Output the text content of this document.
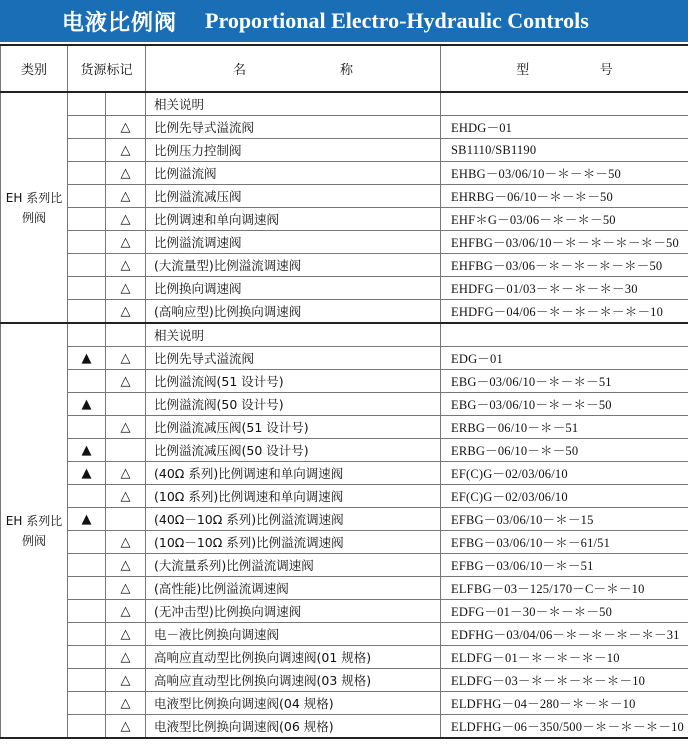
电液比例阀 Proportional Electro-Hydraulic Controls
类别	货源标记		名 称	型 号

EH 系列比例阀			相关说明	
		△	比例先导式溢流阀	EHDG－01
		△	比例压力控制阀	SB1110/SB1190
		△	比例溢流阀	EHBG－03/06/10－＊－＊－50
		△	比例溢流减压阀	EHRBG－06/10－＊－＊－50
		△	比例调速和单向调速阀	EHF＊G－03/06－＊－＊－50
		△	比例溢流调速阀	EHFBG－03/06/10－＊－＊－＊－＊－50
		△	(大流量型)比例溢流调速阀	EHFBG－03/06－＊－＊－＊－＊－50
		△	比例换向调速阀	EHDFG－01/03－＊－＊－＊－30
		△	(高响应型)比例换向调速阀	EHDFG－04/06－＊－＊－＊－＊－10
EH 系列比例阀			相关说明	
	▲	△	比例先导式溢流阀	EDG－01
		△	比例溢流阀(51 设计号)	EBG－03/06/10－＊－＊－51
	▲		比例溢流阀(50 设计号)	EBG－03/06/10－＊－＊－50
		△	比例溢流减压阀(51 设计号)	ERBG－06/10－＊－51
	▲		比例溢流减压阀(50 设计号)	ERBG－06/10－＊－50
	▲	△	(40Ω 系列)比例调速和单向调速阀	EF(C)G－02/03/06/10
		△	(10Ω 系列)比例调速和单向调速阀	EF(C)G－02/03/06/10
	▲		(40Ω－10Ω 系列)比例溢流调速阀	EFBG－03/06/10－＊－15
		△	(10Ω－10Ω 系列)比例溢流调速阀	EFBG－03/06/10－＊－61/51
		△	(大流量系列)比例溢流调速阀	EFBG－03/06/10－＊－51
		△	(高性能)比例溢流调速阀	ELFBG－03－125/170－C－＊－10
		△	(无冲击型)比例换向调速阀	EDFG－01－30－＊－＊－50
		△	电－液比例换向调速阀	EDFHG－03/04/06－＊－＊－＊－＊－31
		△	高响应直动型比例换向调速阀(01 规格)	ELDFG－01－＊－＊－＊－10
		△	高响应直动型比例换向调速阀(03 规格)	ELDFG－03－＊－＊－＊－＊－10
		△	电液型比例换向调速阀(04 规格)	ELDFHG－04－280－＊－＊－10
		△	电液型比例换向调速阀(06 规格)	ELDFHG－06－350/500－＊－＊－＊－10
